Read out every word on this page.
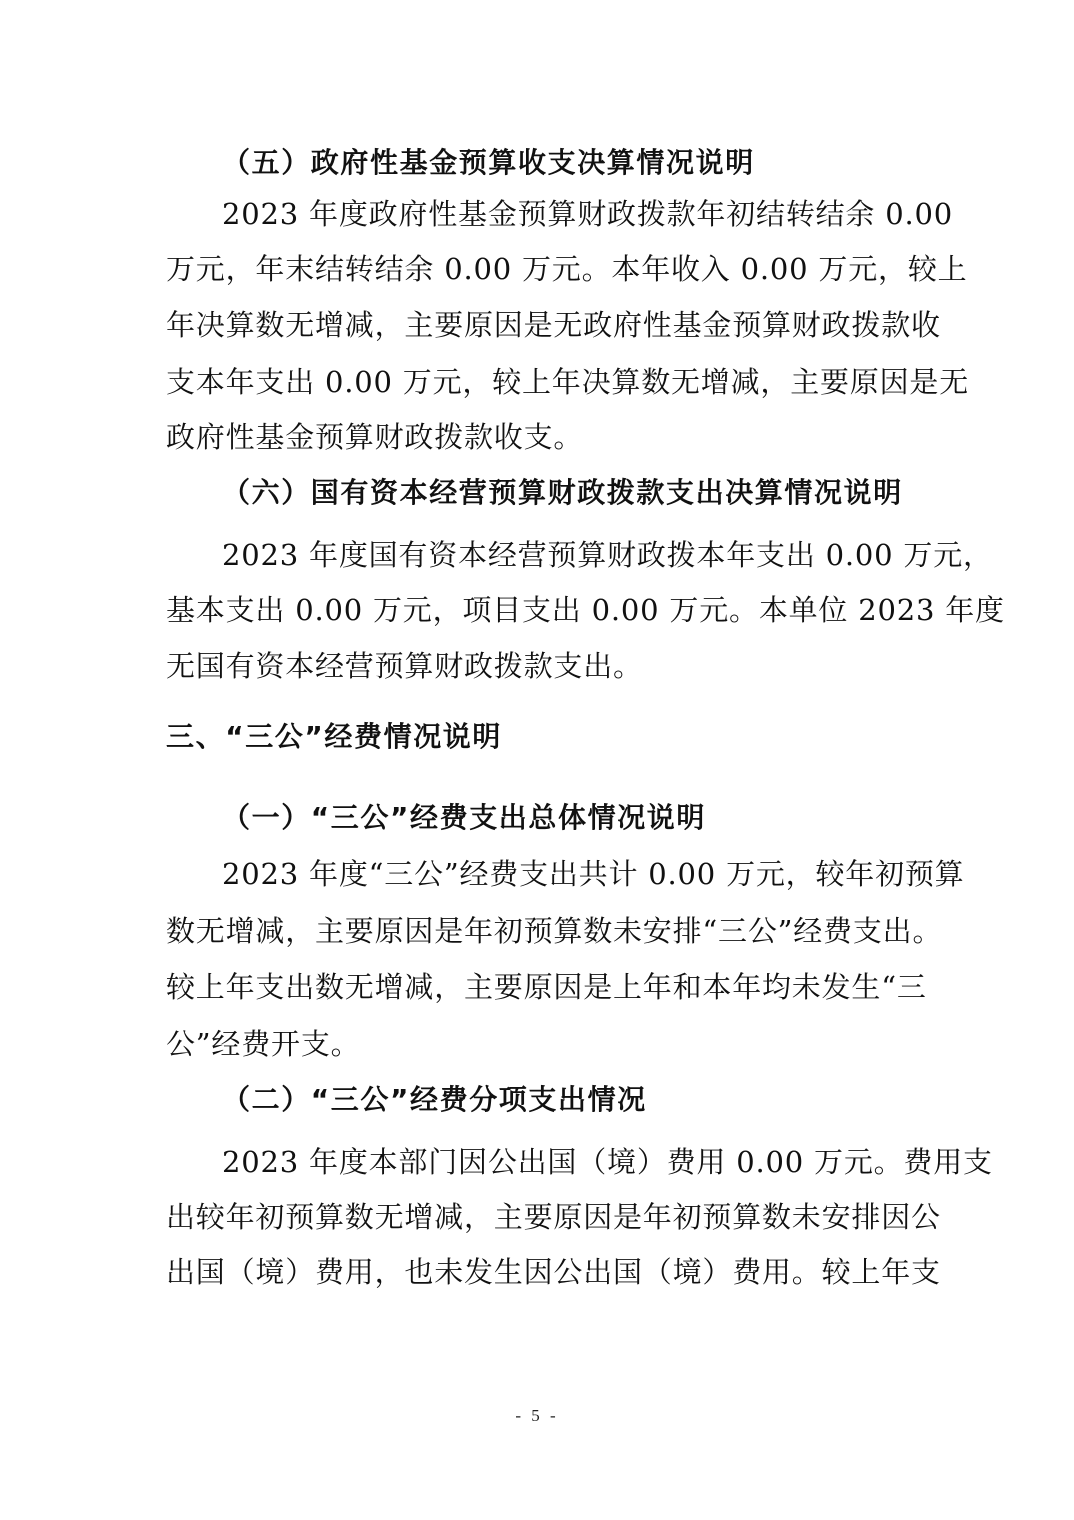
（五）政府性基金预算收支决算情况说明
2023 年度政府性基金预算财政拨款年初结转结余 0.00
万元，年末结转结余 0.00 万元。本年收入 0.00 万元，较上
年决算数无增减，主要原因是无政府性基金预算财政拨款收
支本年支出 0.00 万元，较上年决算数无增减，主要原因是无
政府性基金预算财政拨款收支。
（六）国有资本经营预算财政拨款支出决算情况说明
2023 年度国有资本经营预算财政拨本年支出 0.00 万元，
基本支出 0.00 万元，项目支出 0.00 万元。本单位 2023 年度
无国有资本经营预算财政拨款支出。
三、“三公”经费情况说明
（一）“三公”经费支出总体情况说明
2023 年度“三公”经费支出共计 0.00 万元，较年初预算
数无增减，主要原因是年初预算数未安排“三公”经费支出。
较上年支出数无增减，主要原因是上年和本年均未发生“三
公”经费开支。
（二）“三公”经费分项支出情况
2023 年度本部门因公出国（境）费用 0.00 万元。费用支
出较年初预算数无增减，主要原因是年初预算数未安排因公
出国（境）费用，也未发生因公出国（境）费用。较上年支
- 5 -
